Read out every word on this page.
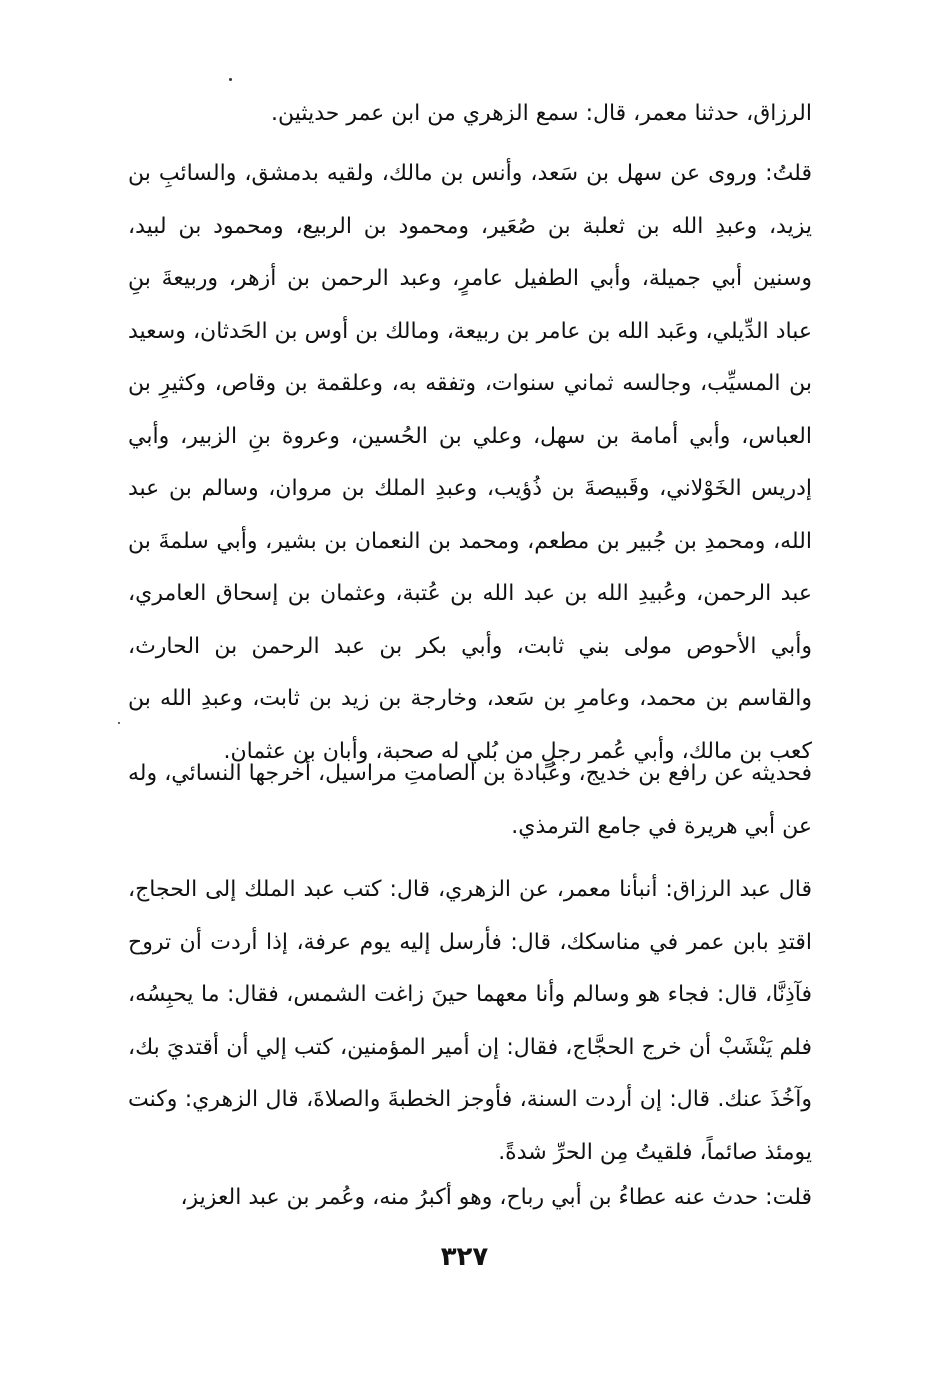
الرزاق، حدثنا معمر، قال: سمع الزهري من ابن عمر حديثين.

قلتُ: وروى عن سهل بن سَعد، وأنس بن مالك، ولقيه بدمشق، والسائبِ بن يزيد، وعبدِ الله بن ثعلبة بن صُعَير، ومحمود بن الربيع، ومحمود بن لبيد، وسنين أبي جميلة، وأبي الطفيل عامرٍ، وعبد الرحمن بن أزهر، وربيعةَ بنِ عباد الدِّيلي، وعَبد الله بن عامر بن ربيعة، ومالك بن أوس بن الحَدثان، وسعيد بن المسيِّب، وجالسه ثماني سنوات، وتفقه به، وعلقمة بن وقاص، وكثيرِ بن العباس، وأبي أمامة بن سهل، وعلي بن الحُسين، وعروة بنِ الزبير، وأبي إدريس الخَوْلاني، وقَبيصةَ بن ذُؤيب، وعبدِ الملك بن مروان، وسالم بن عبد الله، ومحمدِ بن جُبير بن مطعم، ومحمد بن النعمان بن بشير، وأبي سلمةَ بن عبد الرحمن، وعُبيدِ الله بن عبد الله بن عُتبة، وعثمان بن إسحاق العامري، وأبي الأحوص مولى بني ثابت، وأبي بكر بن عبد الرحمن بن الحارث، والقاسم بن محمد، وعامرِ بن سَعد، وخارجة بن زيد بن ثابت، وعبدِ الله بن كعب بن مالك، وأبي عُمر رجلٍ من بُلي له صحبة، وأبان بن عثمان.

فحديثه عن رافع بن خديج، وعُبادة بن الصامتِ مراسيل، أخرجها النسائي، وله عن أبي هريرة في جامع الترمذي.

قال عبد الرزاق: أنبأنا معمر، عن الزهري، قال: كتب عبد الملك إلى الحجاج، اقتدِ بابن عمر في مناسكك، قال: فأرسل إليه يوم عرفة، إذا أردت أن تروح فآذِنَّا، قال: فجاء هو وسالم وأنا معهما حينَ زاغت الشمس، فقال: ما يحبِسُه، فلم يَنْشَبْ أن خرج الحجَّاج، فقال: إن أمير المؤمنين، كتب إلي أن أقتديَ بك، وآخُذَ عنك. قال: إن أردت السنة، فأوجز الخطبةَ والصلاةَ، قال الزهري: وكنت يومئذ صائماً، فلقيتُ مِن الحرِّ شدةً.

قلت: حدث عنه عطاءُ بن أبي رباح، وهو أكبرُ منه، وعُمر بن عبد العزيز،

٣٢٧
